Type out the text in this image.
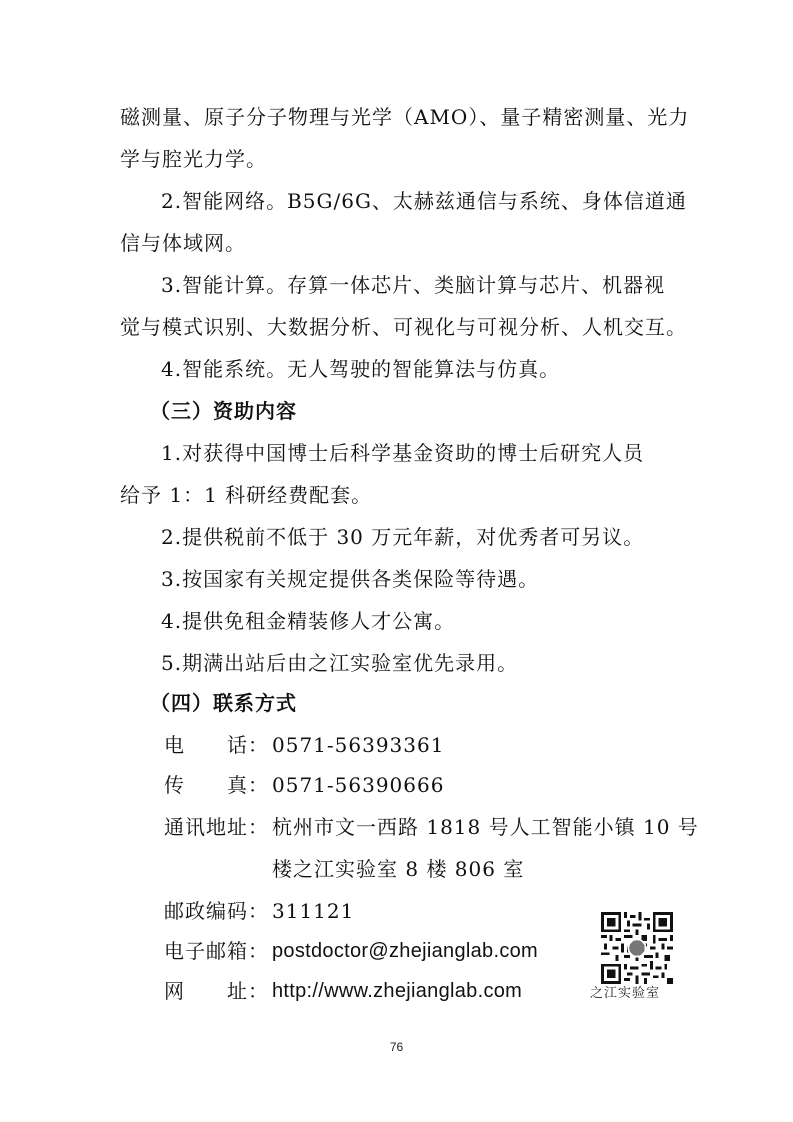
磁测量、原子分子物理与光学（AMO）、量子精密测量、光力
学与腔光力学。
2.智能网络。B5G/6G、太赫兹通信与系统、身体信道通
信与体域网。
3.智能计算。存算一体芯片、类脑计算与芯片、机器视
觉与模式识别、大数据分析、可视化与可视分析、人机交互。
4.智能系统。无人驾驶的智能算法与仿真。
（三）资助内容
1.对获得中国博士后科学基金资助的博士后研究人员
给予 1：1 科研经费配套。
2.提供税前不低于 30 万元年薪，对优秀者可另议。
3.按国家有关规定提供各类保险等待遇。
4.提供免租金精装修人才公寓。
5.期满出站后由之江实验室优先录用。
（四）联系方式
电　　话： 0571-56393361
传　　真： 0571-56390666
通讯地址： 杭州市文一西路 1818 号人工智能小镇 10 号
楼之江实验室 8 楼 806 室
邮政编码： 311121
电子邮箱： postdoctor@zhejianglab.com
网　　址： http://www.zhejianglab.com	之江实验室
76
